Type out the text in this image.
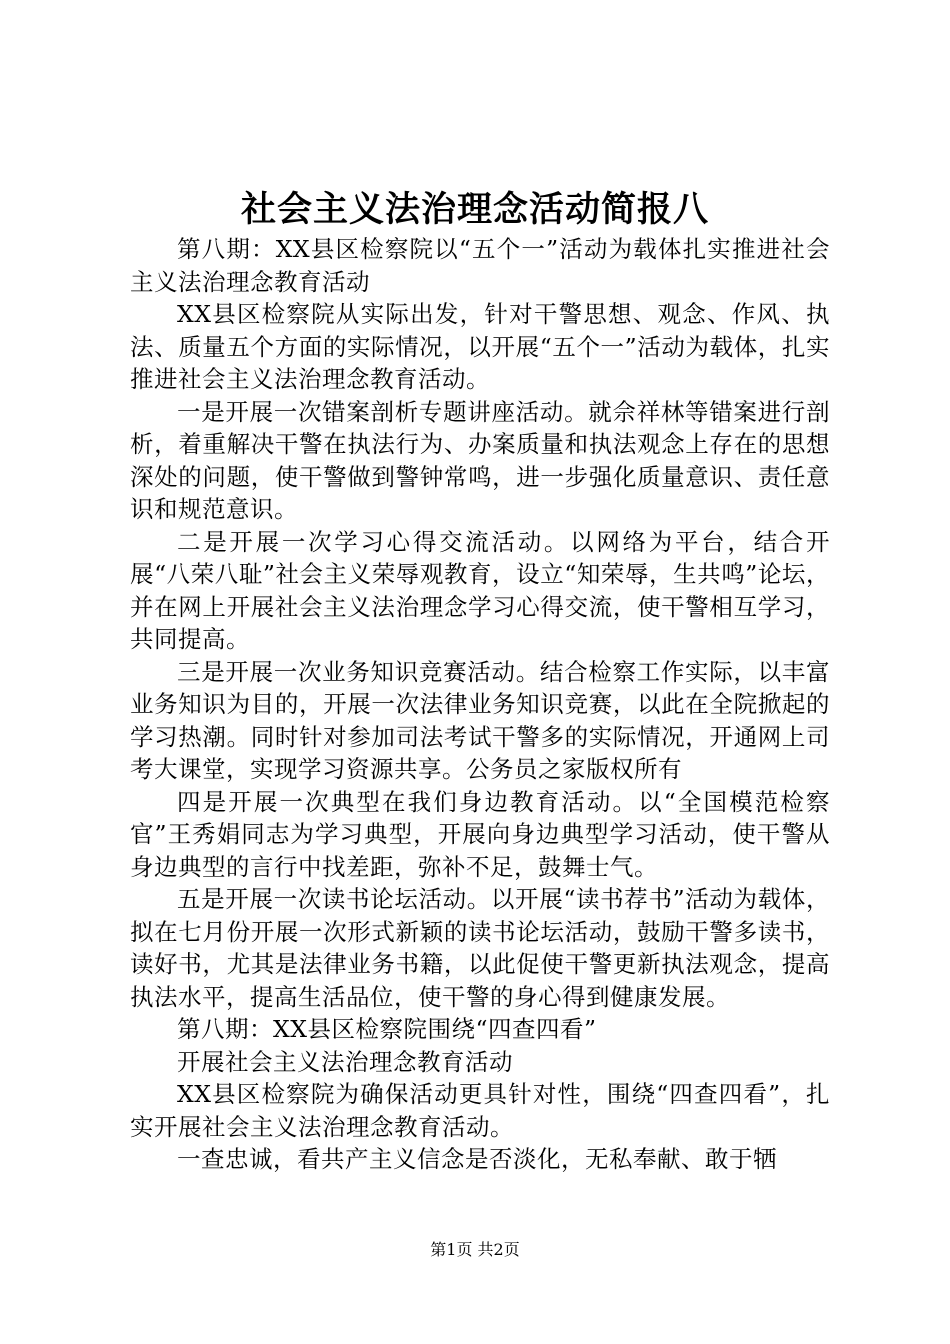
社会主义法治理念活动简报八

第八期：XX县区检察院以“五个一”活动为载体扎实推进社会主义法治理念教育活动

XX县区检察院从实际出发，针对干警思想、观念、作风、执法、质量五个方面的实际情况，以开展“五个一”活动为载体，扎实推进社会主义法治理念教育活动。

一是开展一次错案剖析专题讲座活动。就佘祥林等错案进行剖析，着重解决干警在执法行为、办案质量和执法观念上存在的思想深处的问题，使干警做到警钟常鸣，进一步强化质量意识、责任意识和规范意识。

二是开展一次学习心得交流活动。以网络为平台，结合开展“八荣八耻”社会主义荣辱观教育，设立“知荣辱，生共鸣”论坛，并在网上开展社会主义法治理念学习心得交流，使干警相互学习，共同提高。

三是开展一次业务知识竞赛活动。结合检察工作实际，以丰富业务知识为目的，开展一次法律业务知识竞赛，以此在全院掀起的学习热潮。同时针对参加司法考试干警多的实际情况，开通网上司考大课堂，实现学习资源共享。公务员之家版权所有

四是开展一次典型在我们身边教育活动。以“全国模范检察官”王秀娟同志为学习典型，开展向身边典型学习活动，使干警从身边典型的言行中找差距，弥补不足，鼓舞士气。

五是开展一次读书论坛活动。以开展“读书荐书”活动为载体，拟在七月份开展一次形式新颖的读书论坛活动，鼓励干警多读书，读好书，尤其是法律业务书籍，以此促使干警更新执法观念，提高执法水平，提高生活品位，使干警的身心得到健康发展。

第八期：XX县区检察院围绕“四查四看”

开展社会主义法治理念教育活动

XX县区检察院为确保活动更具针对性，围绕“四查四看”，扎实开展社会主义法治理念教育活动。

一查忠诚，看共产主义信念是否淡化，无私奉献、敢于牺

第1页 共2页
